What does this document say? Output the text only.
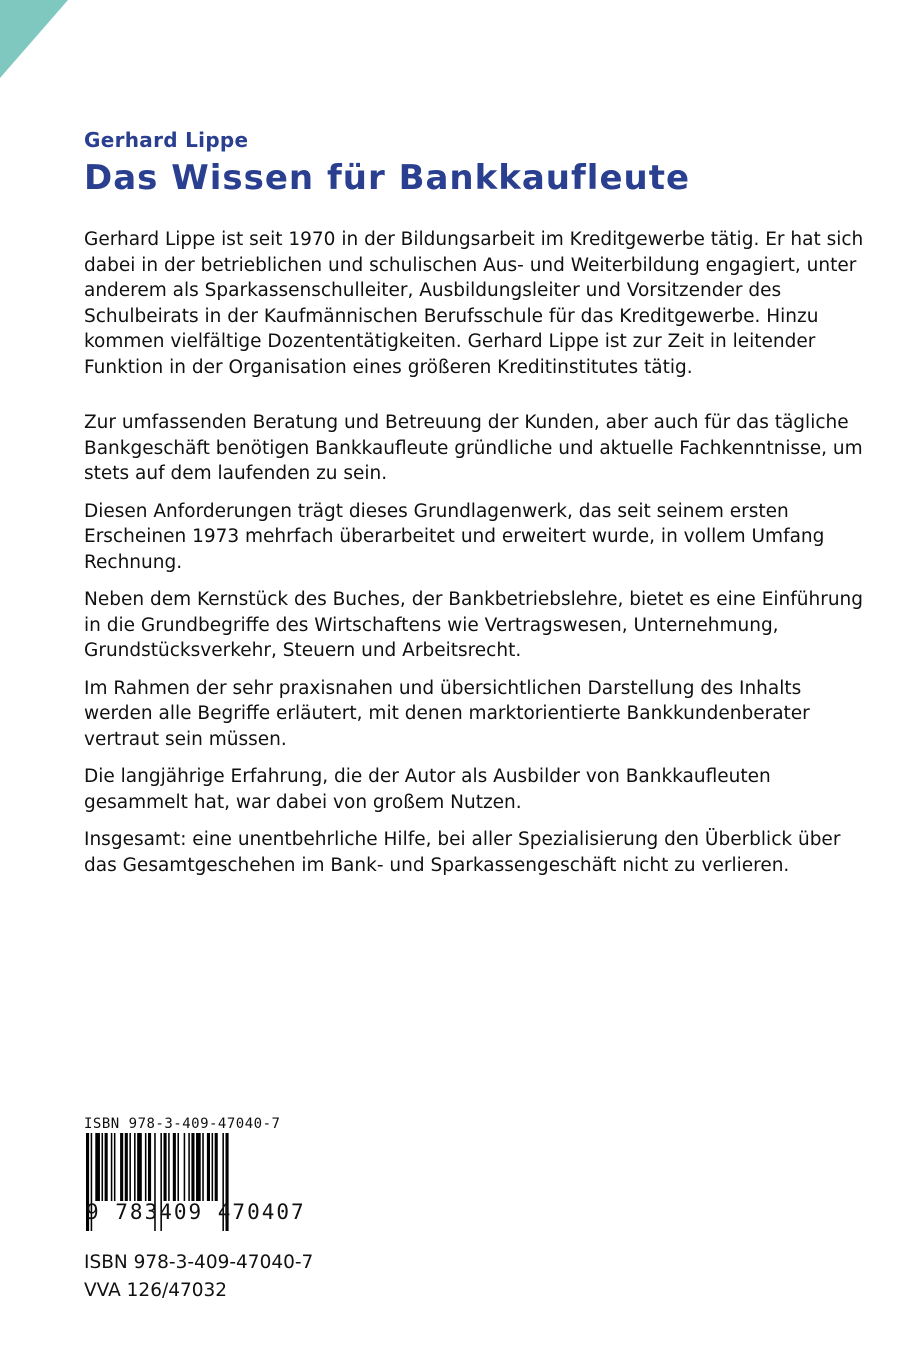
Gerhard Lippe
Das Wissen für Bankkaufleute

Gerhard Lippe ist seit 1970 in der Bildungsarbeit im Kreditgewerbe tätig. Er hat sich dabei in der betrieblichen und schulischen Aus- und Weiterbildung engagiert, unter anderem als Sparkassenschulleiter, Ausbildungsleiter und Vorsitzender des Schulbeirats in der Kaufmännischen Berufsschule für das Kreditgewerbe. Hinzu kommen vielfältige Dozententätigkeiten. Gerhard Lippe ist zur Zeit in leitender Funktion in der Organisation eines größeren Kreditinstitutes tätig.

Zur umfassenden Beratung und Betreuung der Kunden, aber auch für das tägliche Bankgeschäft benötigen Bankkaufleute gründliche und aktuelle Fachkenntnisse, um stets auf dem laufenden zu sein.

Diesen Anforderungen trägt dieses Grundlagenwerk, das seit seinem ersten Erscheinen 1973 mehrfach überarbeitet und erweitert wurde, in vollem Umfang Rechnung.

Neben dem Kernstück des Buches, der Bankbetriebslehre, bietet es eine Einführung in die Grundbegriffe des Wirtschaftens wie Vertragswesen, Unternehmung, Grundstücksverkehr, Steuern und Arbeitsrecht.

Im Rahmen der sehr praxisnahen und übersichtlichen Darstellung des Inhalts werden alle Begriffe erläutert, mit denen marktorientierte Bankkundenberater vertraut sein müssen.

Die langjährige Erfahrung, die der Autor als Ausbilder von Bankkaufleuten gesammelt hat, war dabei von großem Nutzen.

Insgesamt: eine unentbehrliche Hilfe, bei aller Spezialisierung den Überblick über das Gesamtgeschehen im Bank- und Sparkassengeschäft nicht zu verlieren.

ISBN 978-3-409-47040-7

9 783409 470407

ISBN 978-3-409-47040-7

VVA 126/47032
